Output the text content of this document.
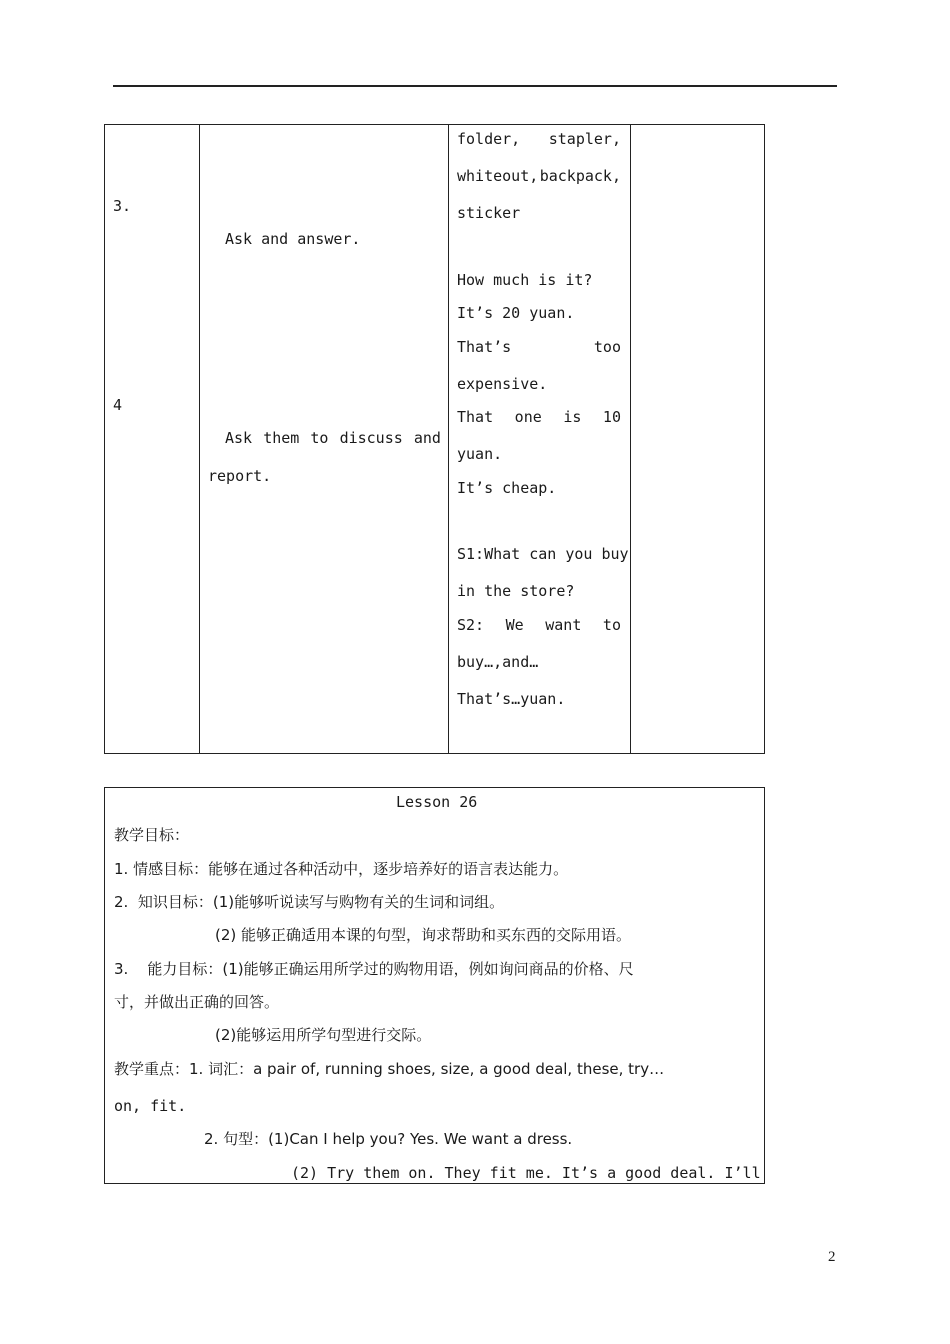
3.
4
Ask and answer.
Ask them to discuss and
report.
folder, stapler,
whiteout, backpack,
sticker
How much is it?
It’s 20 yuan.
That’s	too
expensive.
That one is 10
yuan.
It’s cheap.
S1:What can you buy
in the store?
S2: We want to
buy…,and…
That’s…yuan.
Lesson 26
教学目标：
1. 情感目标：能够在通过各种活动中，逐步培养好的语言表达能力。
2.  知识目标：(1)能够听说读写与购物有关的生词和词组。
(2) 能够正确适用本课的句型，询求帮助和买东西的交际用语。
3.    能力目标：(1)能够正确运用所学过的购物用语，例如询问商品的价格、尺
寸，并做出正确的回答。
(2)能够运用所学句型进行交际。
教学重点：1. 词汇：a pair of, running shoes, size, a good deal, these, try…
on, fit.
2. 句型：(1)Can I help you? Yes. We want a dress.
(2) Try them on. They fit me. It’s a good deal. I’ll
2
